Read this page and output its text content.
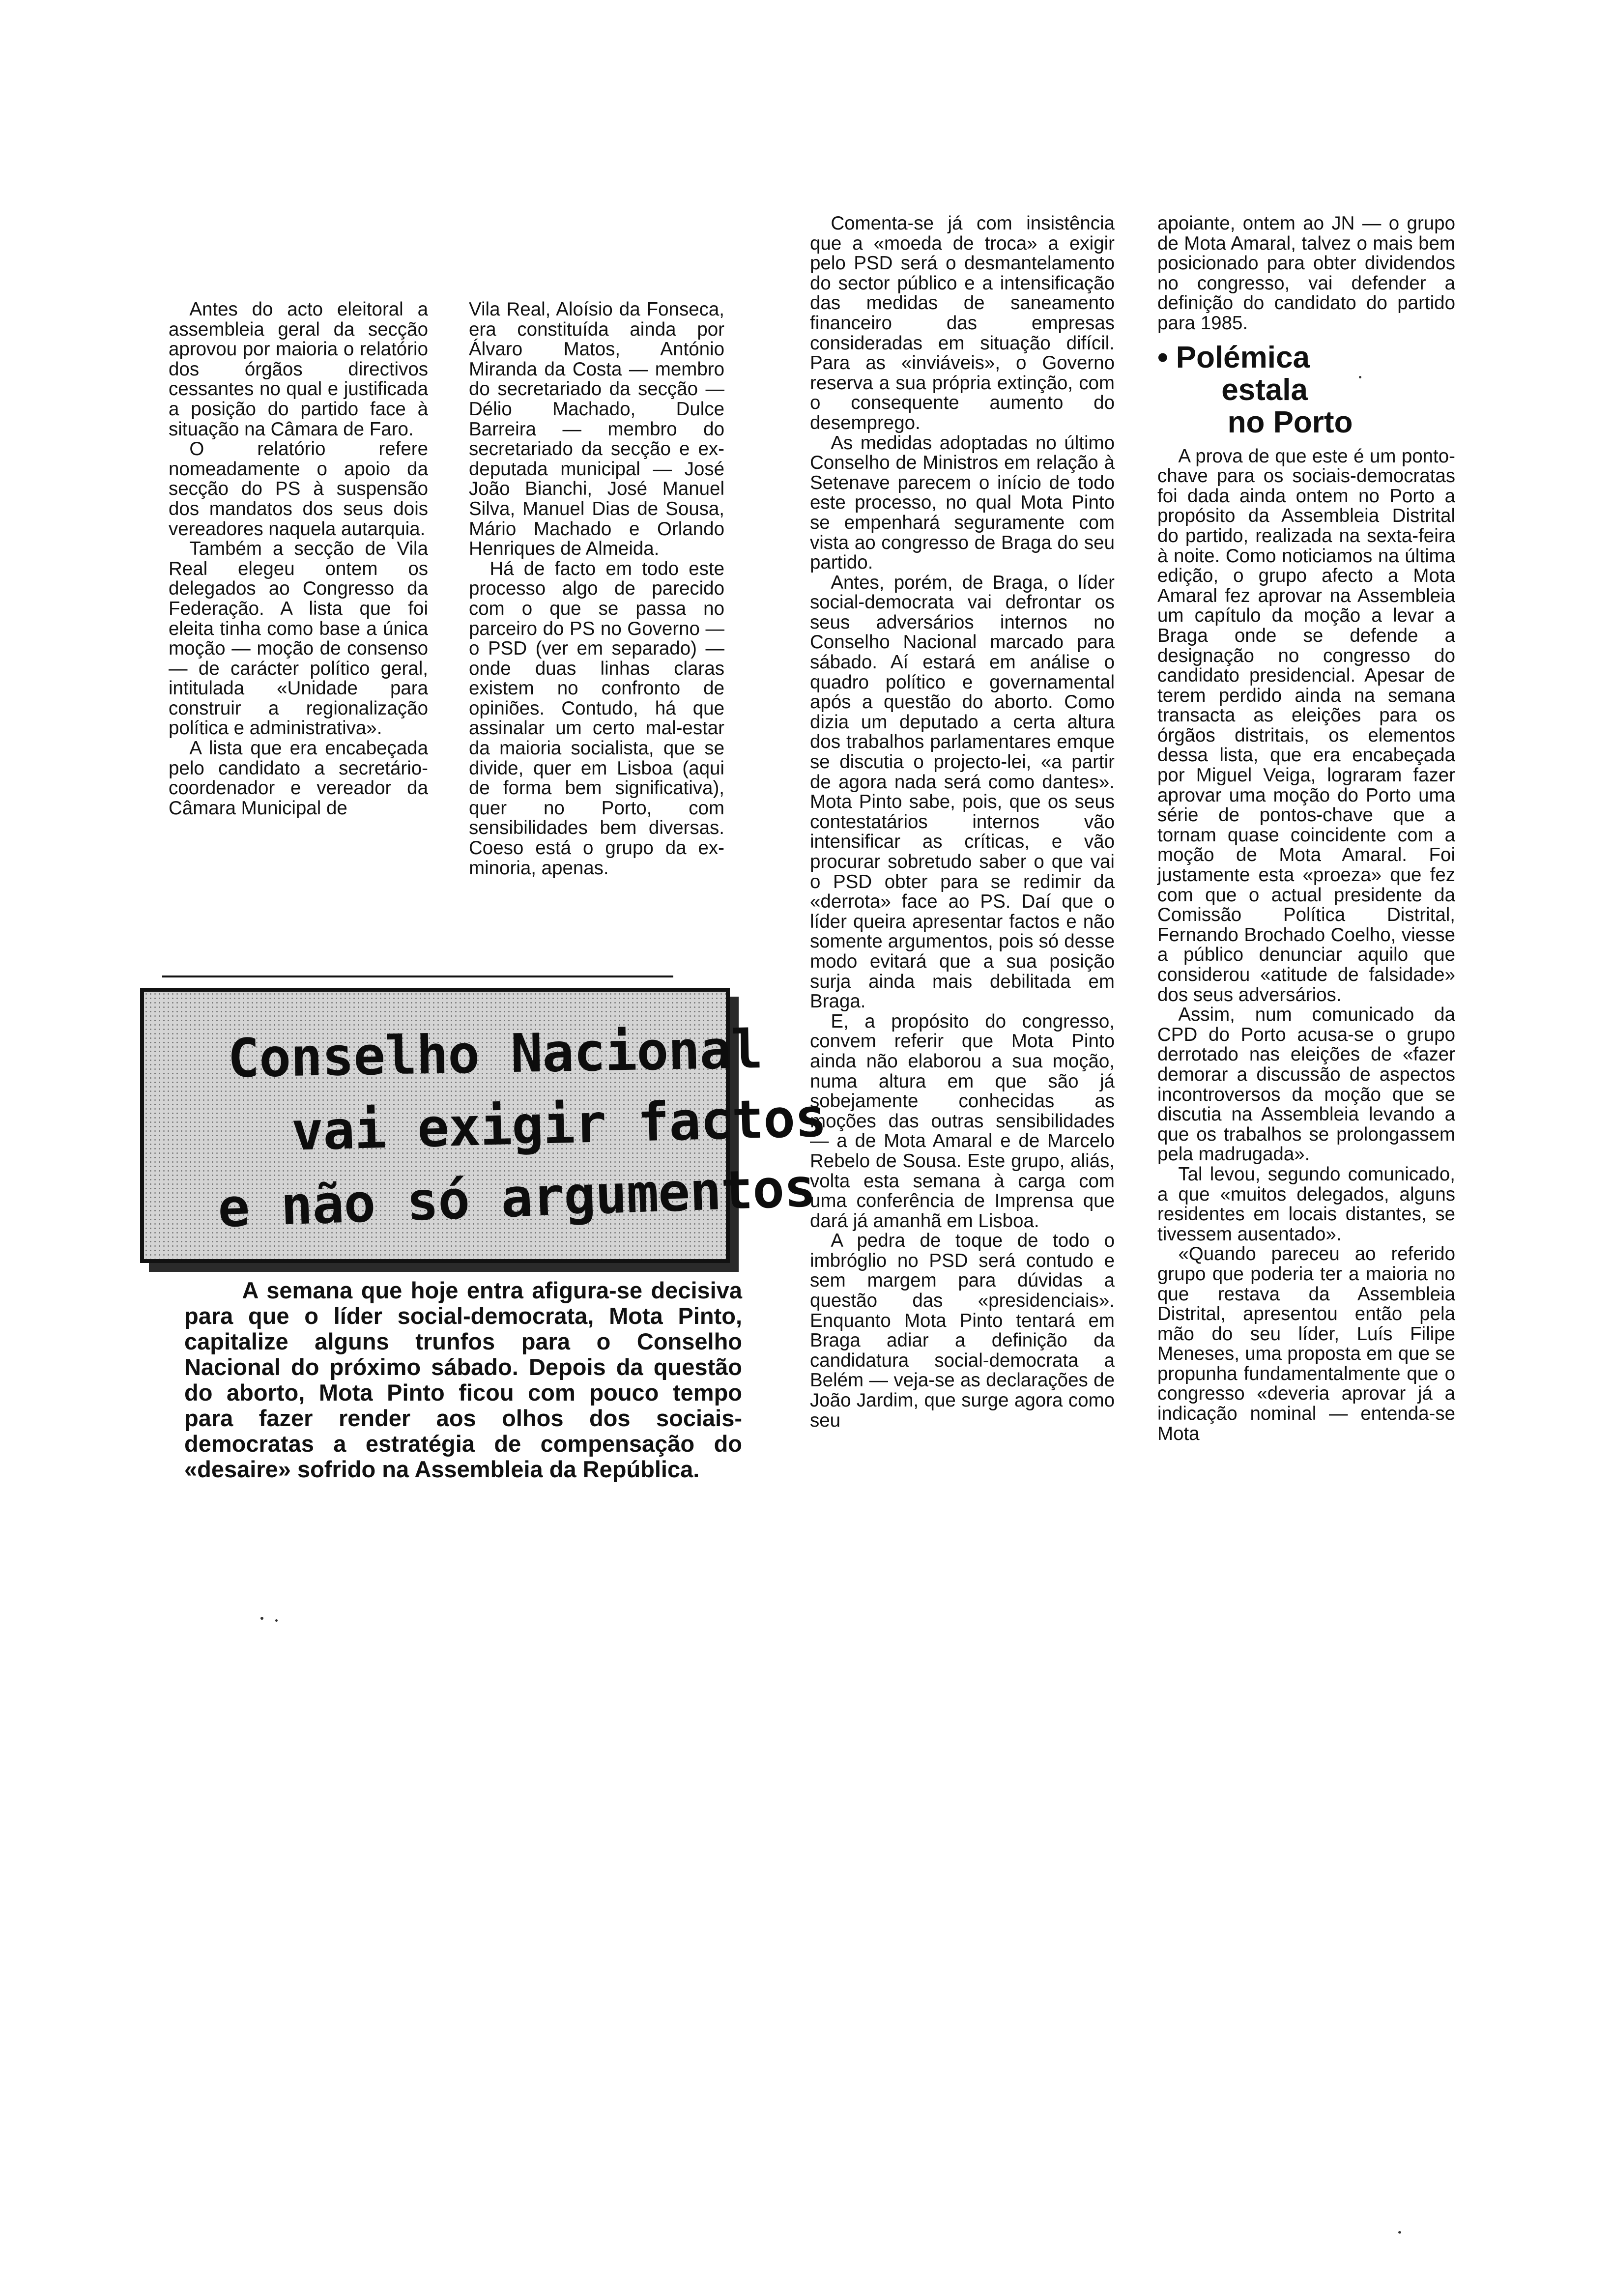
Antes do acto eleitoral a assembleia geral da secção aprovou por maioria o relatório dos órgãos directivos cessantes no qual e justificada a posição do partido face à situação na Câmara de Faro.

O relatório refere nomeadamente o apoio da secção do PS à suspensão dos mandatos dos seus dois vereadores naquela autarquia.

Também a secção de Vila Real elegeu ontem os delegados ao Congresso da Federação. A lista que foi eleita tinha como base a única moção — moção de consenso — de carácter político geral, intitulada «Unidade para construir a regionalização política e administrativa».

A lista que era encabeçada pelo candidato a secretário-coordenador e vereador da Câmara Municipal de

Vila Real, Aloísio da Fonseca, era constituída ainda por Álvaro Matos, António Miranda da Costa — membro do secretariado da secção — Délio Machado, Dulce Barreira — membro do secretariado da secção e ex-deputada municipal — José João Bianchi, José Manuel Silva, Manuel Dias de Sousa, Mário Machado e Orlando Henriques de Almeida.

Há de facto em todo este processo algo de parecido com o que se passa no parceiro do PS no Governo — o PSD (ver em separado) — onde duas linhas claras existem no confronto de opiniões. Contudo, há que assinalar um certo mal-estar da maioria socialista, que se divide, quer em Lisboa (aqui de forma bem significativa), quer no Porto, com sensibilidades bem diversas. Coeso está o grupo da ex-minoria, apenas.

Conselho Nacional
vai exigir factos
e não só argumentos

A semana que hoje entra afigura-se decisiva para que o líder social-democrata, Mota Pinto, capitalize alguns trunfos para o Conselho Nacional do próximo sábado. Depois da questão do aborto, Mota Pinto ficou com pouco tempo para fazer render aos olhos dos sociais-democratas a estratégia de compensação do «desaire» sofrido na Assembleia da República.

Comenta-se já com insistência que a «moeda de troca» a exigir pelo PSD será o desmantelamento do sector público e a intensificação das medidas de saneamento financeiro das empresas consideradas em situação difícil. Para as «inviáveis», o Governo reserva a sua própria extinção, com o consequente aumento do desemprego.

As medidas adoptadas no último Conselho de Ministros em relação à Setenave parecem o início de todo este processo, no qual Mota Pinto se empenhará seguramente com vista ao congresso de Braga do seu partido.

Antes, porém, de Braga, o líder social-democrata vai defrontar os seus adversários internos no Conselho Nacional marcado para sábado. Aí estará em análise o quadro político e governamental após a questão do aborto. Como dizia um deputado a certa altura dos trabalhos parlamentares emque se discutia o projecto-lei, «a partir de agora nada será como dantes». Mota Pinto sabe, pois, que os seus contestatários internos vão intensificar as críticas, e vão procurar sobretudo saber o que vai o PSD obter para se redimir da «derrota» face ao PS. Daí que o líder queira apresentar factos e não somente argumentos, pois só desse modo evitará que a sua posição surja ainda mais debilitada em Braga.

E, a propósito do congresso, convem referir que Mota Pinto ainda não elaborou a sua moção, numa altura em que são já sobejamente conhecidas as moções das outras sensibilidades — a de Mota Amaral e de Marcelo Rebelo de Sousa. Este grupo, aliás, volta esta semana à carga com uma conferência de Imprensa que dará já amanhã em Lisboa.

A pedra de toque de todo o imbróglio no PSD será contudo e sem margem para dúvidas a questão das «presidenciais». Enquanto Mota Pinto tentará em Braga adiar a definição da candidatura social-democrata a Belém — veja-se as declarações de João Jardim, que surge agora como seu

apoiante, ontem ao JN — o grupo de Mota Amaral, talvez o mais bem posicionado para obter dividendos no congresso, vai defender a definição do candidato do partido para 1985.

• Polémica
estala
no Porto

A prova de que este é um ponto-chave para os sociais-democratas foi dada ainda ontem no Porto a propósito da Assembleia Distrital do partido, realizada na sexta-feira à noite. Como noticiamos na última edição, o grupo afecto a Mota Amaral fez aprovar na Assembleia um capítulo da moção a levar a Braga onde se defende a designação no congresso do candidato presidencial. Apesar de terem perdido ainda na semana transacta as eleições para os órgãos distritais, os elementos dessa lista, que era encabeçada por Miguel Veiga, lograram fazer aprovar uma moção do Porto uma série de pontos-chave que a tornam quase coincidente com a moção de Mota Amaral. Foi justamente esta «proeza» que fez com que o actual presidente da Comissão Política Distrital, Fernando Brochado Coelho, viesse a público denunciar aquilo que considerou «atitude de falsidade» dos seus adversários.

Assim, num comunicado da CPD do Porto acusa-se o grupo derrotado nas eleições de «fazer demorar a discussão de aspectos incontroversos da moção que se discutia na Assembleia levando a que os trabalhos se prolongassem pela madrugada».

Tal levou, segundo comunicado, a que «muitos delegados, alguns residentes em locais distantes, se tivessem ausentado».

«Quando pareceu ao referido grupo que poderia ter a maioria no que restava da Assembleia Distrital, apresentou então pela mão do seu líder, Luís Filipe Meneses, uma proposta em que se propunha fundamentalmente que o congresso «deveria aprovar já a indicação nominal — entenda-se Mota
